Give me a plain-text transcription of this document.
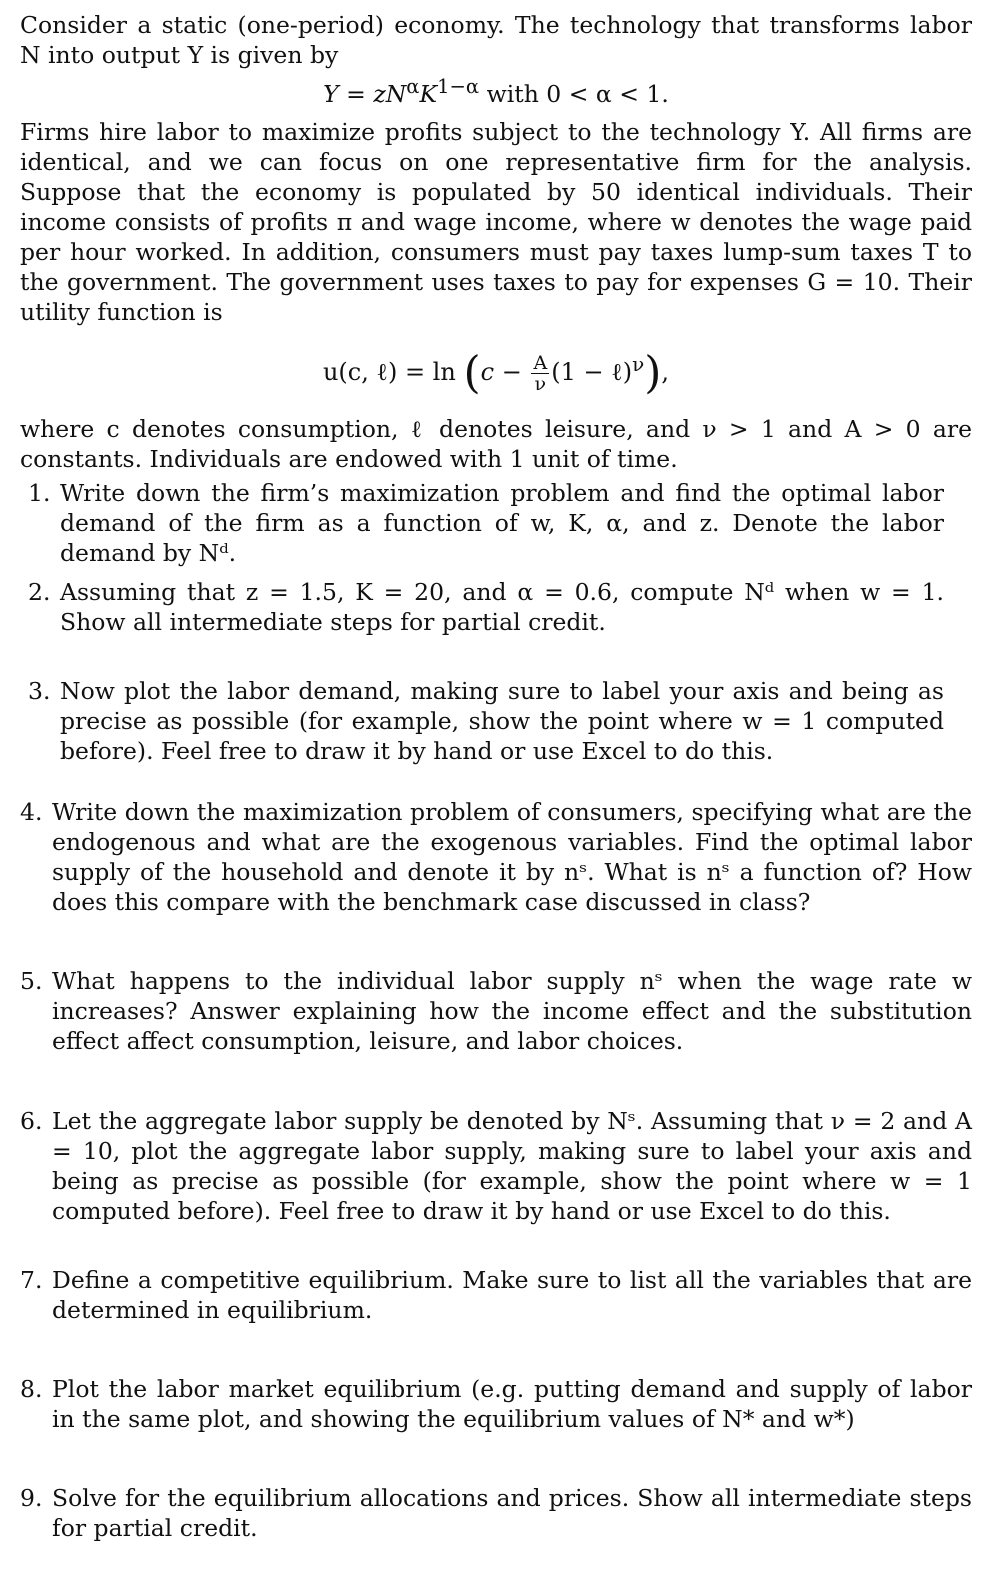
Consider a static (one-period) economy. The technology that transforms labor N into output Y is given by

$Y = zN^\alpha K^{1-\alpha}$ with 0 < α < 1.

Firms hire labor to maximize profits subject to the technology Y. All firms are identical, and we can focus on one representative firm for the analysis. Suppose that the economy is populated by 50 identical individuals. Their income consists of profits π and wage income, where w denotes the wage paid per hour worked. In addition, consumers must pay taxes lump-sum taxes T to the government. The government uses taxes to pay for expenses G = 10. Their utility function is

u(c, ℓ) = $\ln (c - \frac{A}{\nu} (1$ − ℓ)$^\nu$),

where c denotes consumption, ℓ denotes leisure, and ν > 1 and A > 0 are constants. Individuals are endowed with 1 unit of time.

1. Write down the firm’s maximization problem and find the optimal labor demand of the firm as a function of w, K, α, and z. Denote the labor demand by Nᵈ.
2. Assuming that z = 1.5, K = 20, and α = 0.6, compute Nᵈ when w = 1. Show all intermediate steps for partial credit.
3. Now plot the labor demand, making sure to label your axis and being as precise as possible (for example, show the point where w = 1 computed before). Feel free to draw it by hand or use Excel to do this.
4. Write down the maximization problem of consumers, specifying what are the endogenous and what are the exogenous variables. Find the optimal labor supply of the household and denote it by nˢ. What is nˢ a function of? How does this compare with the benchmark case discussed in class?
5. What happens to the individual labor supply nˢ when the wage rate w increases? Answer explaining how the income effect and the substitution effect affect consumption, leisure, and labor choices.
6. Let the aggregate labor supply be denoted by Nˢ. Assuming that ν = 2 and A = 10, plot the aggregate labor supply, making sure to label your axis and being as precise as possible (for example, show the point where w = 1 computed before). Feel free to draw it by hand or use Excel to do this.
7. Define a competitive equilibrium. Make sure to list all the variables that are determined in equilibrium.
8. Plot the labor market equilibrium (e.g. putting demand and supply of labor in the same plot, and showing the equilibrium values of N* and w*)
9. Solve for the equilibrium allocations and prices. Show all intermediate steps for partial credit.
